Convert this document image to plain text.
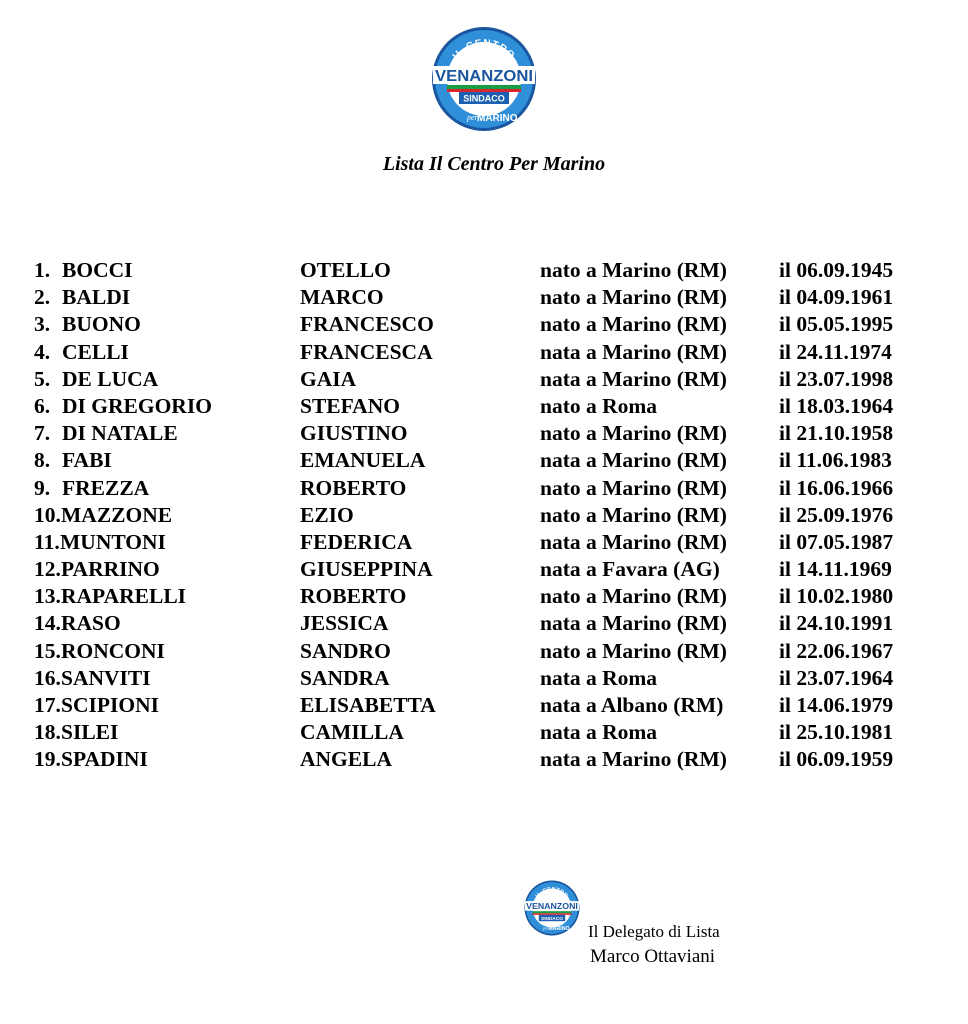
IL CENTRO
VENANZONI
SINDACO
per MARINO

Lista Il Centro Per Marino

1. BOCCI	OTELLO	nato a Marino (RM) il 06.09.1945
2. BALDI	MARCO	nato a Marino (RM) il 04.09.1961
3. BUONO	FRANCESCO	nato a Marino (RM) il 05.05.1995
4. CELLI	FRANCESCA	nata a Marino (RM) il 24.11.1974
5. DE LUCA	GAIA	nata a Marino (RM) il 23.07.1998
6. DI GREGORIO	STEFANO	nato a Roma	il 18.03.1964
7. DI NATALE	GIUSTINO	nato a Marino (RM) il 21.10.1958
8. FABI	EMANUELA	nata a Marino (RM) il 11.06.1983
9. FREZZA	ROBERTO	nato a Marino (RM) il 16.06.1966
10. MAZZONE	EZIO	nato a Marino (RM) il 25.09.1976
11. MUNTONI	FEDERICA	nata a Marino (RM) il 07.05.1987
12. PARRINO	GIUSEPPINA	nata a Favara (AG)	il 14.11.1969
13. RAPARELLI	ROBERTO	nato a Marino (RM) il 10.02.1980
14. RASO	JESSICA	nata a Marino (RM) il 24.10.1991
15. RONCONI	SANDRO	nato a Marino (RM) il 22.06.1967
16. SANVITI	SANDRA	nata a Roma	il 23.07.1964
17. SCIPIONI	ELISABETTA	nata a Albano (RM)	il 14.06.1979
18. SILEI	CAMILLA	nata a Roma	il 25.10.1981
19. SPADINI	ANGELA	nata a Marino (RM) il 06.09.1959
IL CENTRO
VENANZONI
SINDACO
per MARINO Il Delegato di Lista

Marco Ottaviani
